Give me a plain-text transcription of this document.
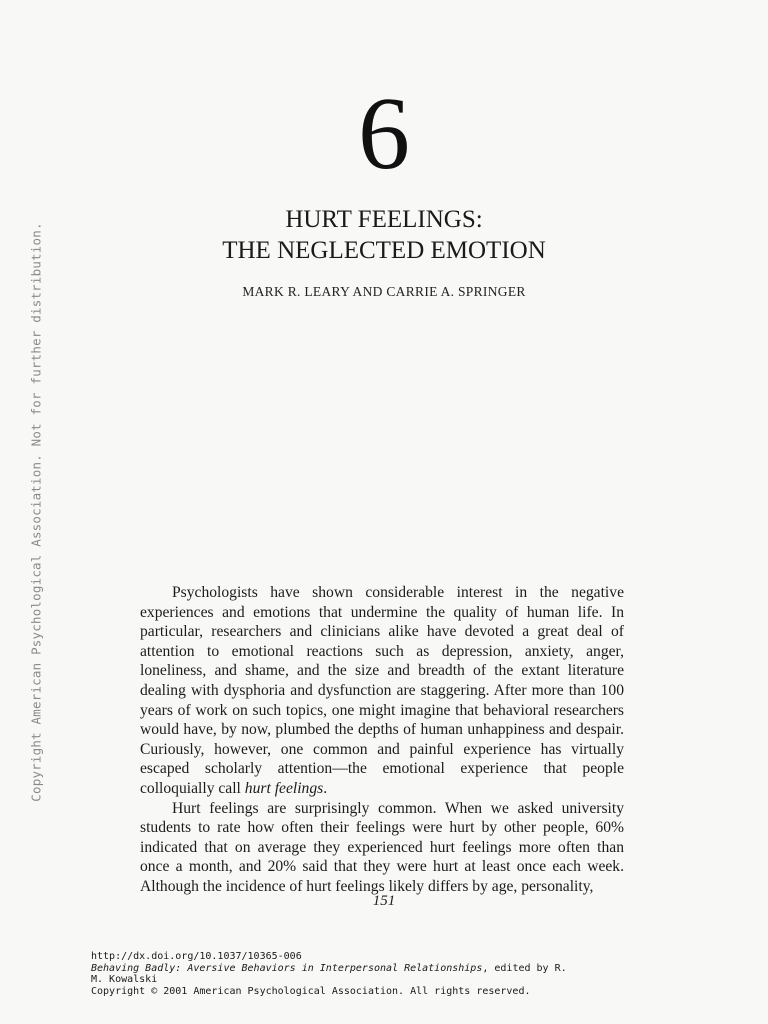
Copyright American Psychological Association. Not for further distribution.
6
HURT FEELINGS:
THE NEGLECTED EMOTION
MARK R. LEARY AND CARRIE A. SPRINGER

Psychologists have shown considerable interest in the negative experiences and emotions that undermine the quality of human life. In particular, researchers and clinicians alike have devoted a great deal of attention to emotional reactions such as depression, anxiety, anger, loneliness, and shame, and the size and breadth of the extant literature dealing with dysphoria and dysfunction are staggering. After more than 100 years of work on such topics, one might imagine that behavioral researchers would have, by now, plumbed the depths of human unhappiness and despair. Curiously, however, one common and painful experience has virtually escaped scholarly attention—the emotional experience that people colloquially call hurt feelings.

Hurt feelings are surprisingly common. When we asked university students to rate how often their feelings were hurt by other people, 60% indicated that on average they experienced hurt feelings more often than once a month, and 20% said that they were hurt at least once each week. Although the incidence of hurt feelings likely differs by age, personality,

151
http://dx.doi.org/10.1037/10365-006
Behaving Badly: Aversive Behaviors in Interpersonal Relationships, edited by R.
M. Kowalski
Copyright © 2001 American Psychological Association. All rights reserved.
